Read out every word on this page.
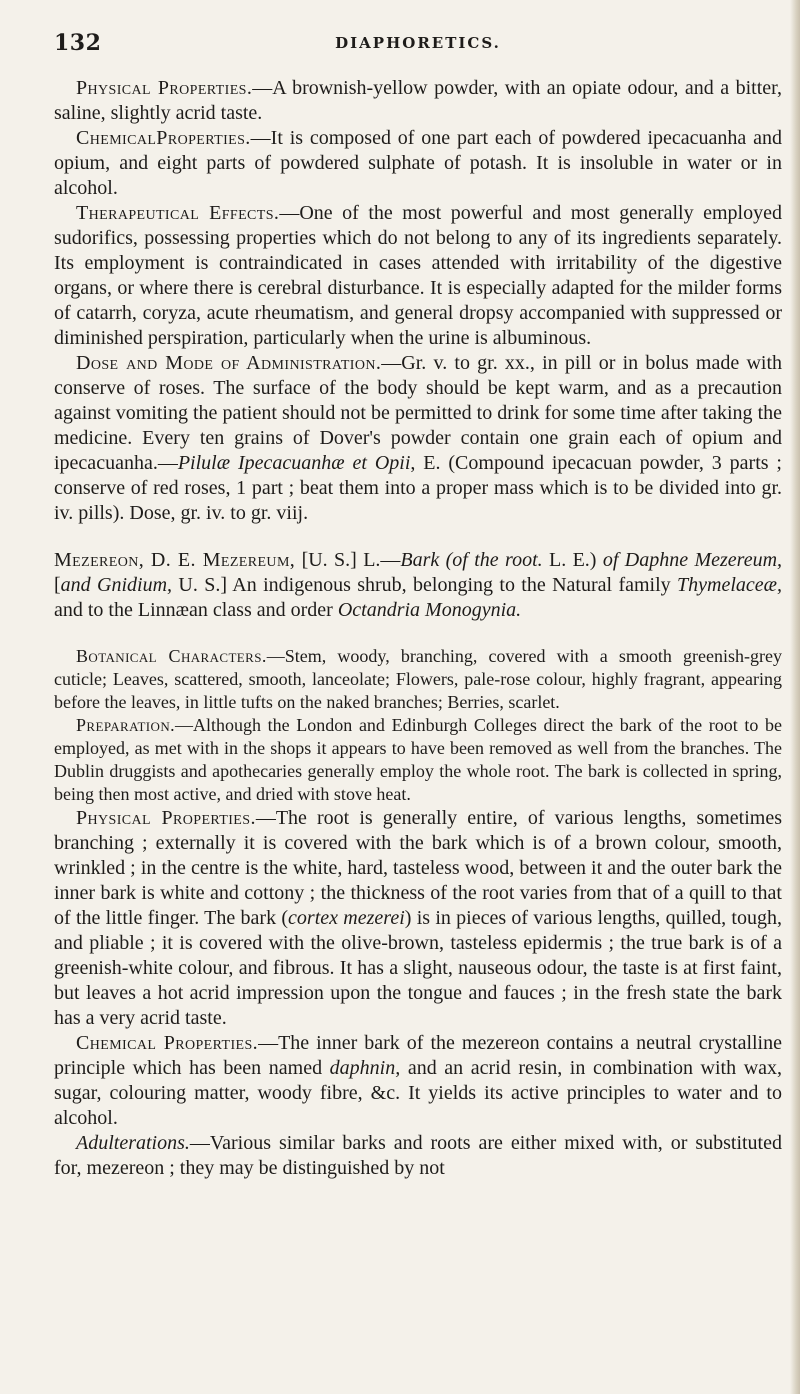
132	DIAPHORETICS.

Physical Properties.—A brownish-yellow powder, with an opiate odour, and a bitter, saline, slightly acrid taste.

ChemicalProperties.—It is composed of one part each of powdered ipecacuanha and opium, and eight parts of powdered sulphate of potash. It is insoluble in water or in alcohol.

Therapeutical Effects.—One of the most powerful and most generally employed sudorifics, possessing properties which do not belong to any of its ingredients separately. Its employment is contraindicated in cases attended with irritability of the digestive organs, or where there is cerebral disturbance. It is especially adapted for the milder forms of catarrh, coryza, acute rheumatism, and general dropsy accompanied with suppressed or diminished perspiration, particularly when the urine is albuminous.

Dose and Mode of Administration.—Gr. v. to gr. xx., in pill or in bolus made with conserve of roses. The surface of the body should be kept warm, and as a precaution against vomiting the patient should not be permitted to drink for some time after taking the medicine. Every ten grains of Dover's powder contain one grain each of opium and ipecacuanha.—Pilulæ Ipecacuanhæ et Opii, E. (Compound ipecacuan powder, 3 parts ; conserve of red roses, 1 part ; beat them into a proper mass which is to be divided into gr. iv. pills). Dose, gr. iv. to gr. viij.

Mezereon, D. E. Mezereum, [U. S.] L.—Bark (of the root. L. E.) of Daphne Mezereum, [and Gnidium, U. S.] An indigenous shrub, belonging to the Natural family Thymelaceæ, and to the Linnæan class and order Octandria Monogynia.

Botanical Characters.—Stem, woody, branching, covered with a smooth greenish-grey cuticle; Leaves, scattered, smooth, lanceolate; Flowers, pale-rose colour, highly fragrant, appearing before the leaves, in little tufts on the naked branches; Berries, scarlet.

Preparation.—Although the London and Edinburgh Colleges direct the bark of the root to be employed, as met with in the shops it appears to have been removed as well from the branches. The Dublin druggists and apothecaries generally employ the whole root. The bark is collected in spring, being then most active, and dried with stove heat.

Physical Properties.—The root is generally entire, of various lengths, sometimes branching ; externally it is covered with the bark which is of a brown colour, smooth, wrinkled ; in the centre is the white, hard, tasteless wood, between it and the outer bark the inner bark is white and cottony ; the thickness of the root varies from that of a quill to that of the little finger. The bark (cortex mezerei) is in pieces of various lengths, quilled, tough, and pliable ; it is covered with the olive-brown, tasteless epidermis ; the true bark is of a greenish-white colour, and fibrous. It has a slight, nauseous odour, the taste is at first faint, but leaves a hot acrid impression upon the tongue and fauces ; in the fresh state the bark has a very acrid taste.

Chemical Properties.—The inner bark of the mezereon contains a neutral crystalline principle which has been named daphnin, and an acrid resin, in combination with wax, sugar, colouring matter, woody fibre, &c. It yields its active principles to water and to alcohol.

Adulterations.—Various similar barks and roots are either mixed with, or substituted for, mezereon ; they may be distinguished by not
